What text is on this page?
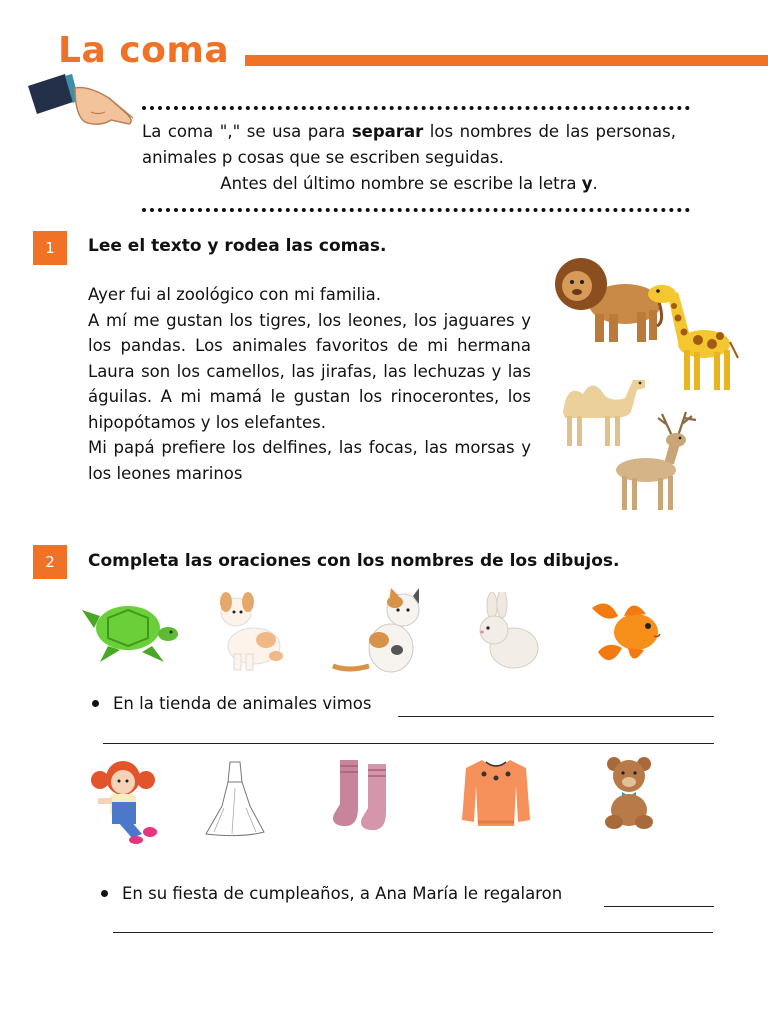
La coma
La coma "," se usa para separar los nombres de las personas, animales p cosas que se escriben seguidas.
Antes del último nombre se escribe la letra y.
1	Lee el texto y rodea las comas.

Ayer fui al zoológico con mi familia.

A mí me gustan los tigres, los leones, los jaguares y los pandas. Los animales favoritos de mi hermana Laura son los camellos, las jirafas, las lechuzas y las águilas. A mi mamá le gustan los rinocerontes, los hipopótamos y los elefantes.

Mi papá prefiere los delfines, las focas, las morsas y los leones marinos

2	Completa las oraciones con los nombres de los dibujos.
En la tienda de animales vimos
En su fiesta de cumpleaños, a Ana María le regalaron
